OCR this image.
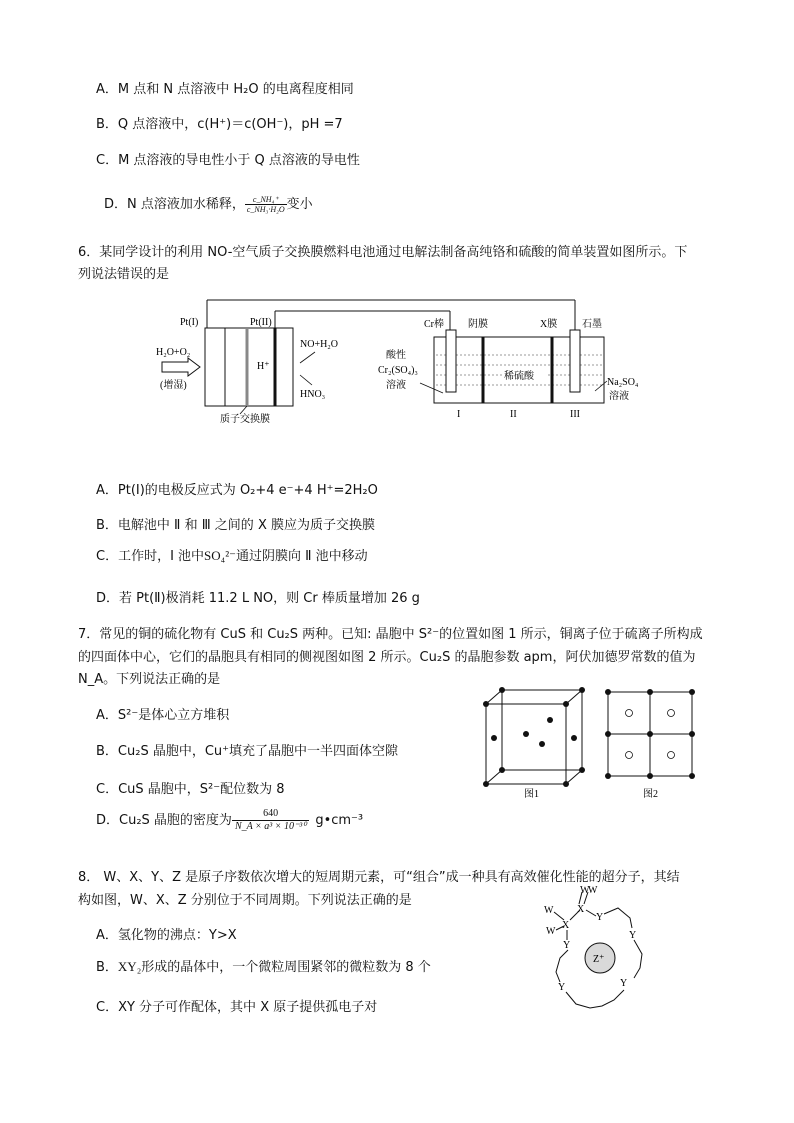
A．M 点和 N 点溶液中 H₂O 的电离程度相同
B．Q 点溶液中，c(H⁺)＝c(OH⁻)，pH =7
C．M 点溶液的导电性小于 Q 点溶液的导电性
D．N 点溶液加水稀释， $\frac{\text{c\_NH₄⁺}}{\text{c\_NH₃·H₂O}}$ 变小
6．某同学设计的利用 NO-空气质子交换膜燃料电池通过电解法制备高纯铬和硫酸的简单装置如图所示。下
列说法错误的是
H⁺
Pt(I)	Pt(II)
质子交换膜
H₂O+O₂
(增湿)
NO+H₂O
HNO₃
稀硫酸
Cr棒 阴膜	X膜 石墨
酸性
Cr₂(SO₄)₃
溶液	Na₂SO₄
溶液
I	II	III
A．Pt(Ⅰ)的电极反应式为 O₂+4 e⁻+4 H⁺=2H₂O
B．电解池中 Ⅱ 和 Ⅲ 之间的 X 膜应为质子交换膜
C．工作时，I 池中SO₄²⁻通过阴膜向 Ⅱ 池中移动
D．若 Pt(Ⅱ)极消耗 11.2 L NO，则 Cr 棒质量增加 26 g
7．常见的铜的硫化物有 CuS 和 Cu₂S 两种。已知: 晶胞中 S²⁻的位置如图 1 所示，铜离子位于硫离子所构成
的四面体中心，它们的晶胞具有相同的侧视图如图 2 所示。Cu₂S 的晶胞参数 apm，阿伏加德罗常数的值为
N_A。下列说法正确的是
A．S²⁻是体心立方堆积
B．Cu₂S 晶胞中，Cu⁺填充了晶胞中一半四面体空隙
C．CuS 晶胞中，S²⁻配位数为 8
D．Cu₂S 晶胞的密度为 $\frac{640}{\text{N\_A × a³ × 10⁻³⁰}}$ g•cm⁻³
图1	图2
8． W、X、Y、Z 是原子序数依次增大的短周期元素，可“组合”成一种具有高效催化性能的超分子，其结
构如图，W、X、Z 分别位于不同周期。下列说法正确的是
A．氢化物的沸点：Y>X
B．XY₂形成的晶体中，一个微粒周围紧邻的微粒数为 8 个
C．XY 分子可作配体，其中 X 原子提供孤电子对
W
W
X
W
X
W
Y
Y
Y
Y	Y
Z⁺
